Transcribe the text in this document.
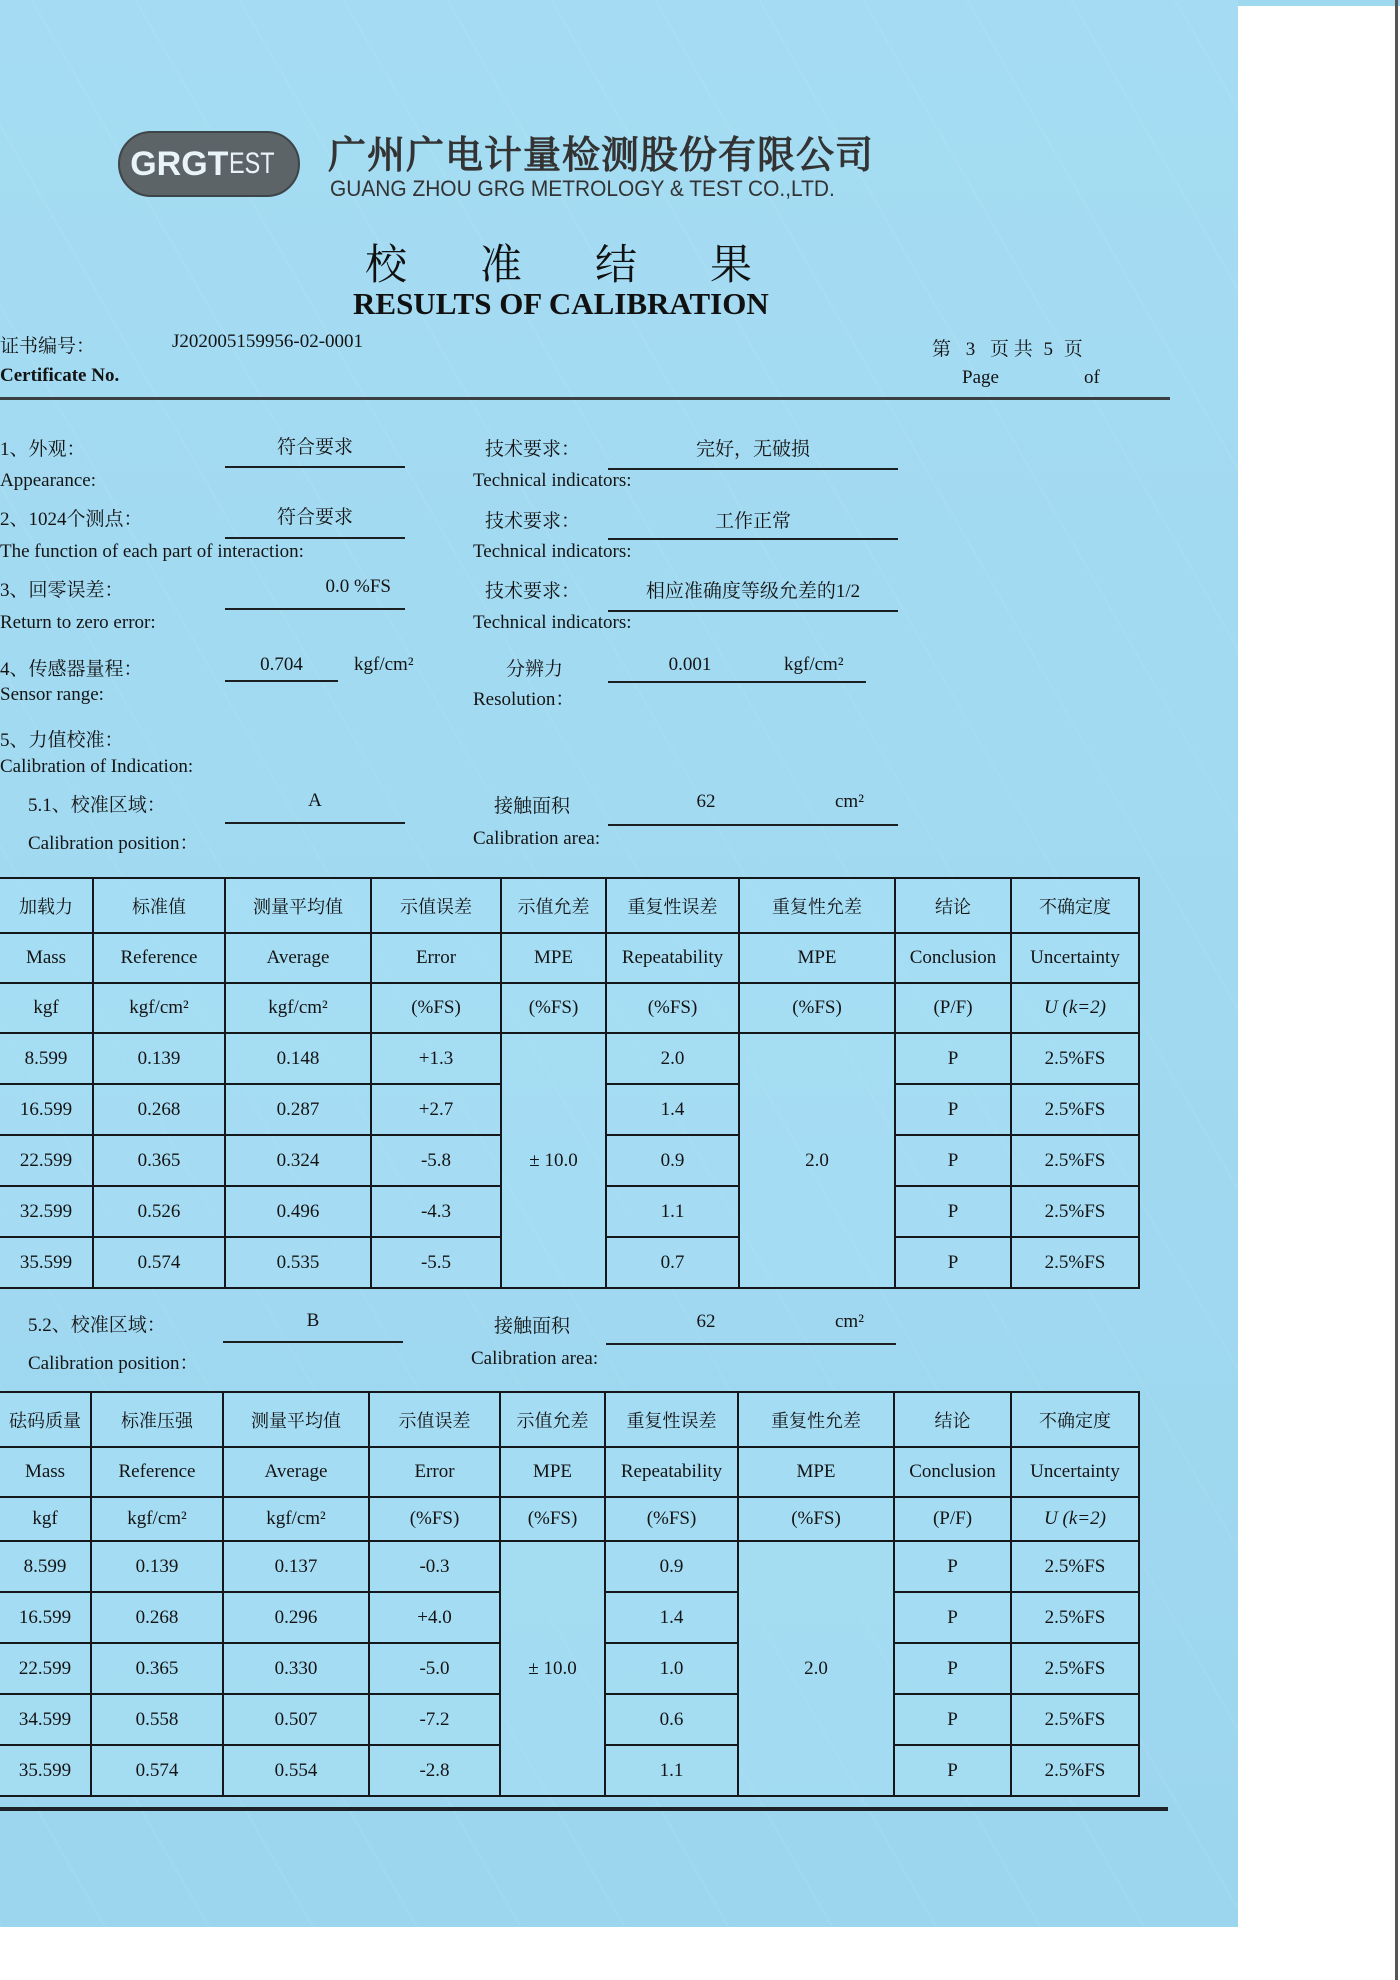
GRGT EST 广州广电计量检测股份有限公司
GUANG ZHOU GRG METROLOGY & TEST CO.,LTD.
校 准 结 果
RESULTS OF CALIBRATION
证书编号：	J202005159956-02-0001
Certificate No.
第 3 页 共 5 页
Page	of
1、外观：	符合要求
Appearance:
技术要求：	完好，无破损
Technical indicators:
2、1024个测点：	符合要求
The function of each part of interaction:
技术要求：	工作正常
Technical indicators:
3、回零误差：	0.0 %FS
Return to zero error:
技术要求：	相应准确度等级允差的1/2
Technical indicators:
4、传感器量程：	0.704	kgf/cm²
Sensor range:
分辨力	0.001	kgf/cm²
Resolution：
5、力值校准：
Calibration of Indication:
5.1、校准区域：	A
Calibration position：
接触面积	62	cm²
Calibration area:
加载力	标准值	测量平均值	示值误差	示值允差	重复性误差	重复性允差	结论	不确定度
Mass	Reference	Average	Error	MPE	Repeatability	MPE	Conclusion	Uncertainty
kgf	kgf/cm²	kgf/cm²	(%FS)	(%FS)	(%FS)	(%FS)	(P/F)	U (k=2)
8.599	0.139	0.148	+1.3	± 10.0	2.0	2.0	P	2.5%FS
16.599	0.268	0.287	+2.7		1.4		P	2.5%FS
22.599	0.365	0.324	-5.8		0.9		P	2.5%FS
32.599	0.526	0.496	-4.3		1.1		P	2.5%FS
35.599	0.574	0.535	-5.5		0.7		P	2.5%FS
5.2、校准区域：	B
Calibration position：
接触面积	62	cm²
Calibration area:
砝码质量	标准压强	测量平均值	示值误差	示值允差	重复性误差	重复性允差	结论	不确定度
Mass	Reference	Average	Error	MPE	Repeatability	MPE	Conclusion	Uncertainty
kgf	kgf/cm²	kgf/cm²	(%FS)	(%FS)	(%FS)	(%FS)	(P/F)	U (k=2)
8.599	0.139	0.137	-0.3	± 10.0	0.9	2.0	P	2.5%FS
16.599	0.268	0.296	+4.0		1.4		P	2.5%FS
22.599	0.365	0.330	-5.0		1.0		P	2.5%FS
34.599	0.558	0.507	-7.2		0.6		P	2.5%FS
35.599	0.574	0.554	-2.8		1.1		P	2.5%FS
